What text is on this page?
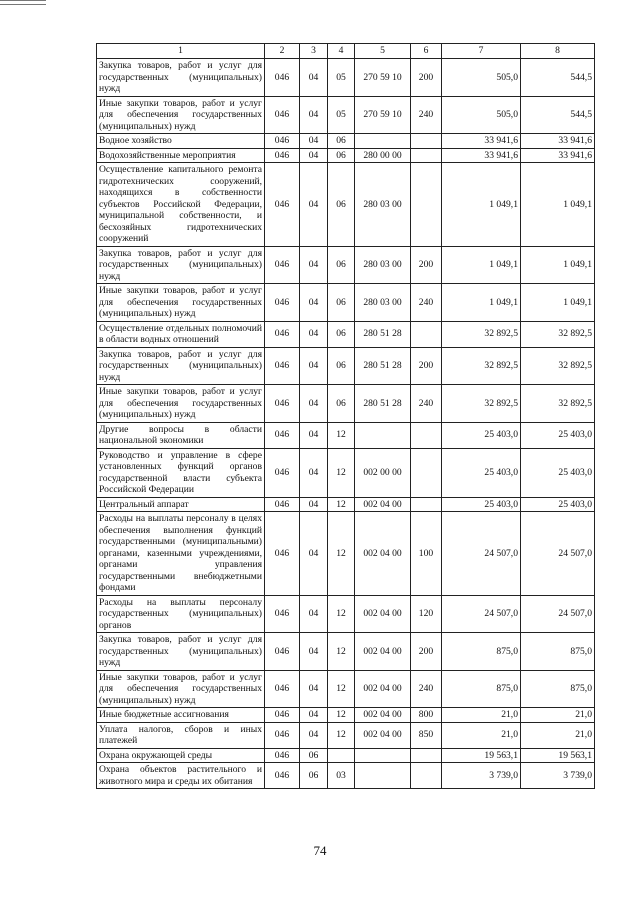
1	2	3	4	5	6	7	8
Закупка товаров, работ и услуг для государственных (муниципальных) нужд	046	04	05	270 59 10	200	505,0	544,5
Иные закупки товаров, работ и услуг для обеспечения государственных (муниципальных) нужд	046	04	05	270 59 10	240	505,0	544,5
Водное хозяйство	046	04	06			33 941,6	33 941,6
Водохозяйственные мероприятия	046	04	06	280 00 00		33 941,6	33 941,6
Осуществление капитального ремонта гидротехнических сооружений, находящихся в собственности субъектов Российской Федерации, муниципальной собственности, и бесхозяйных гидротехнических сооружений	046	04	06	280 03 00		1 049,1	1 049,1
Закупка товаров, работ и услуг для государственных (муниципальных) нужд	046	04	06	280 03 00	200	1 049,1	1 049,1
Иные закупки товаров, работ и услуг для обеспечения государственных (муниципальных) нужд	046	04	06	280 03 00	240	1 049,1	1 049,1
Осуществление отдельных полномочий в области водных отношений	046	04	06	280 51 28		32 892,5	32 892,5
Закупка товаров, работ и услуг для государственных (муниципальных) нужд	046	04	06	280 51 28	200	32 892,5	32 892,5
Иные закупки товаров, работ и услуг для обеспечения государственных (муниципальных) нужд	046	04	06	280 51 28	240	32 892,5	32 892,5
Другие вопросы в области национальной экономики	046	04	12			25 403,0	25 403,0
Руководство и управление в сфере установленных функций органов государственной власти субъекта Российской Федерации	046	04	12	002 00 00		25 403,0	25 403,0
Центральный аппарат	046	04	12	002 04 00		25 403,0	25 403,0
Расходы на выплаты персоналу в целях обеспечения выполнения функций государственными (муниципальными) органами, казенными учреждениями, органами управления государственными внебюджетными фондами	046	04	12	002 04 00	100	24 507,0	24 507,0
Расходы на выплаты персоналу государственных (муниципальных) органов	046	04	12	002 04 00	120	24 507,0	24 507,0
Закупка товаров, работ и услуг для государственных (муниципальных) нужд	046	04	12	002 04 00	200	875,0	875,0
Иные закупки товаров, работ и услуг для обеспечения государственных (муниципальных) нужд	046	04	12	002 04 00	240	875,0	875,0
Иные бюджетные ассигнования	046	04	12	002 04 00	800	21,0	21,0
Уплата налогов, сборов и иных платежей	046	04	12	002 04 00	850	21,0	21,0
Охрана окружающей среды	046	06				19 563,1	19 563,1
Охрана объектов растительного и животного мира и среды их обитания	046	06	03			3 739,0	3 739,0
74
